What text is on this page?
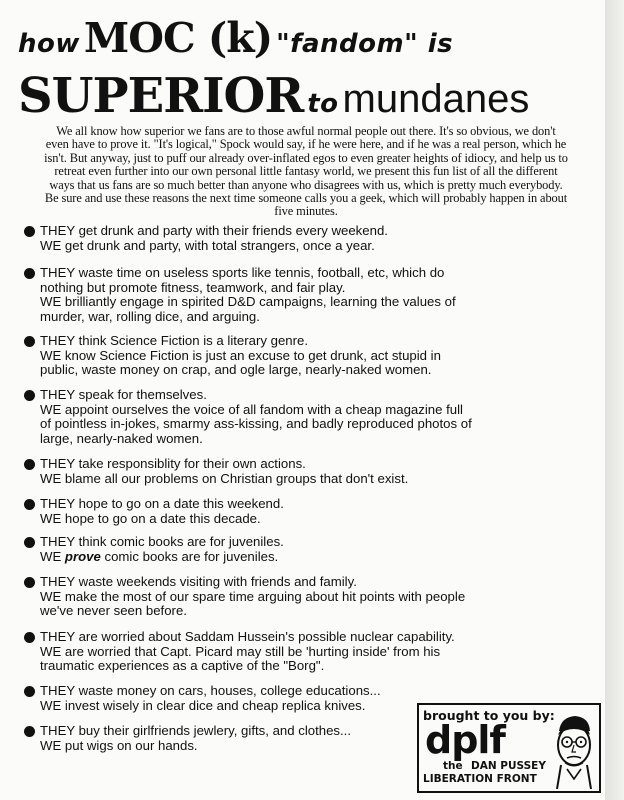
how MOC (k) "fandom" is
SUPERIOR to mundanes
We all know how superior we fans are to those awful normal people out there. It's so obvious, we don't even have to prove it. "It's logical," Spock would say, if he were here, and if he was a real person, which he isn't. But anyway, just to puff our already over-inflated egos to even greater heights of idiocy, and help us to retreat even further into our own personal little fantasy world, we present this fun list of all the different ways that us fans are so much better than anyone who disagrees with us, which is pretty much everybody. Be sure and use these reasons the next time someone calls you a geek, which will probably happen in about five minutes.
THEY get drunk and party with their friends every weekend.
WE get drunk and party, with total strangers, once a year.
THEY waste time on useless sports like tennis, football, etc, which do
nothing but promote fitness, teamwork, and fair play.
WE brilliantly engage in spirited D&D campaigns, learning the values of
murder, war, rolling dice, and arguing.
THEY think Science Fiction is a literary genre.
WE know Science Fiction is just an excuse to get drunk, act stupid in
public, waste money on crap, and ogle large, nearly-naked women.
THEY speak for themselves.
WE appoint ourselves the voice of all fandom with a cheap magazine full
of pointless in-jokes, smarmy ass-kissing, and badly reproduced photos of
large, nearly-naked women.
THEY take responsiblity for their own actions.
WE blame all our problems on Christian groups that don't exist.
THEY hope to go on a date this weekend.
WE hope to go on a date this decade.
THEY think comic books are for juveniles.
WE prove comic books are for juveniles.
THEY waste weekends visiting with friends and family.
WE make the most of our spare time arguing about hit points with people
we've never seen before.
THEY are worried about Saddam Hussein's possible nuclear capability.
WE are worried that Capt. Picard may still be 'hurting inside' from his
traumatic experiences as a captive of the "Borg".
THEY waste money on cars, houses, college educations...
WE invest wisely in clear dice and cheap replica knives.
THEY buy their girlfriends jewlery, gifts, and clothes...
WE put wigs on our hands.
brought to you by:
dplf
the DAN PUSSEY
LIBERATION FRONT
